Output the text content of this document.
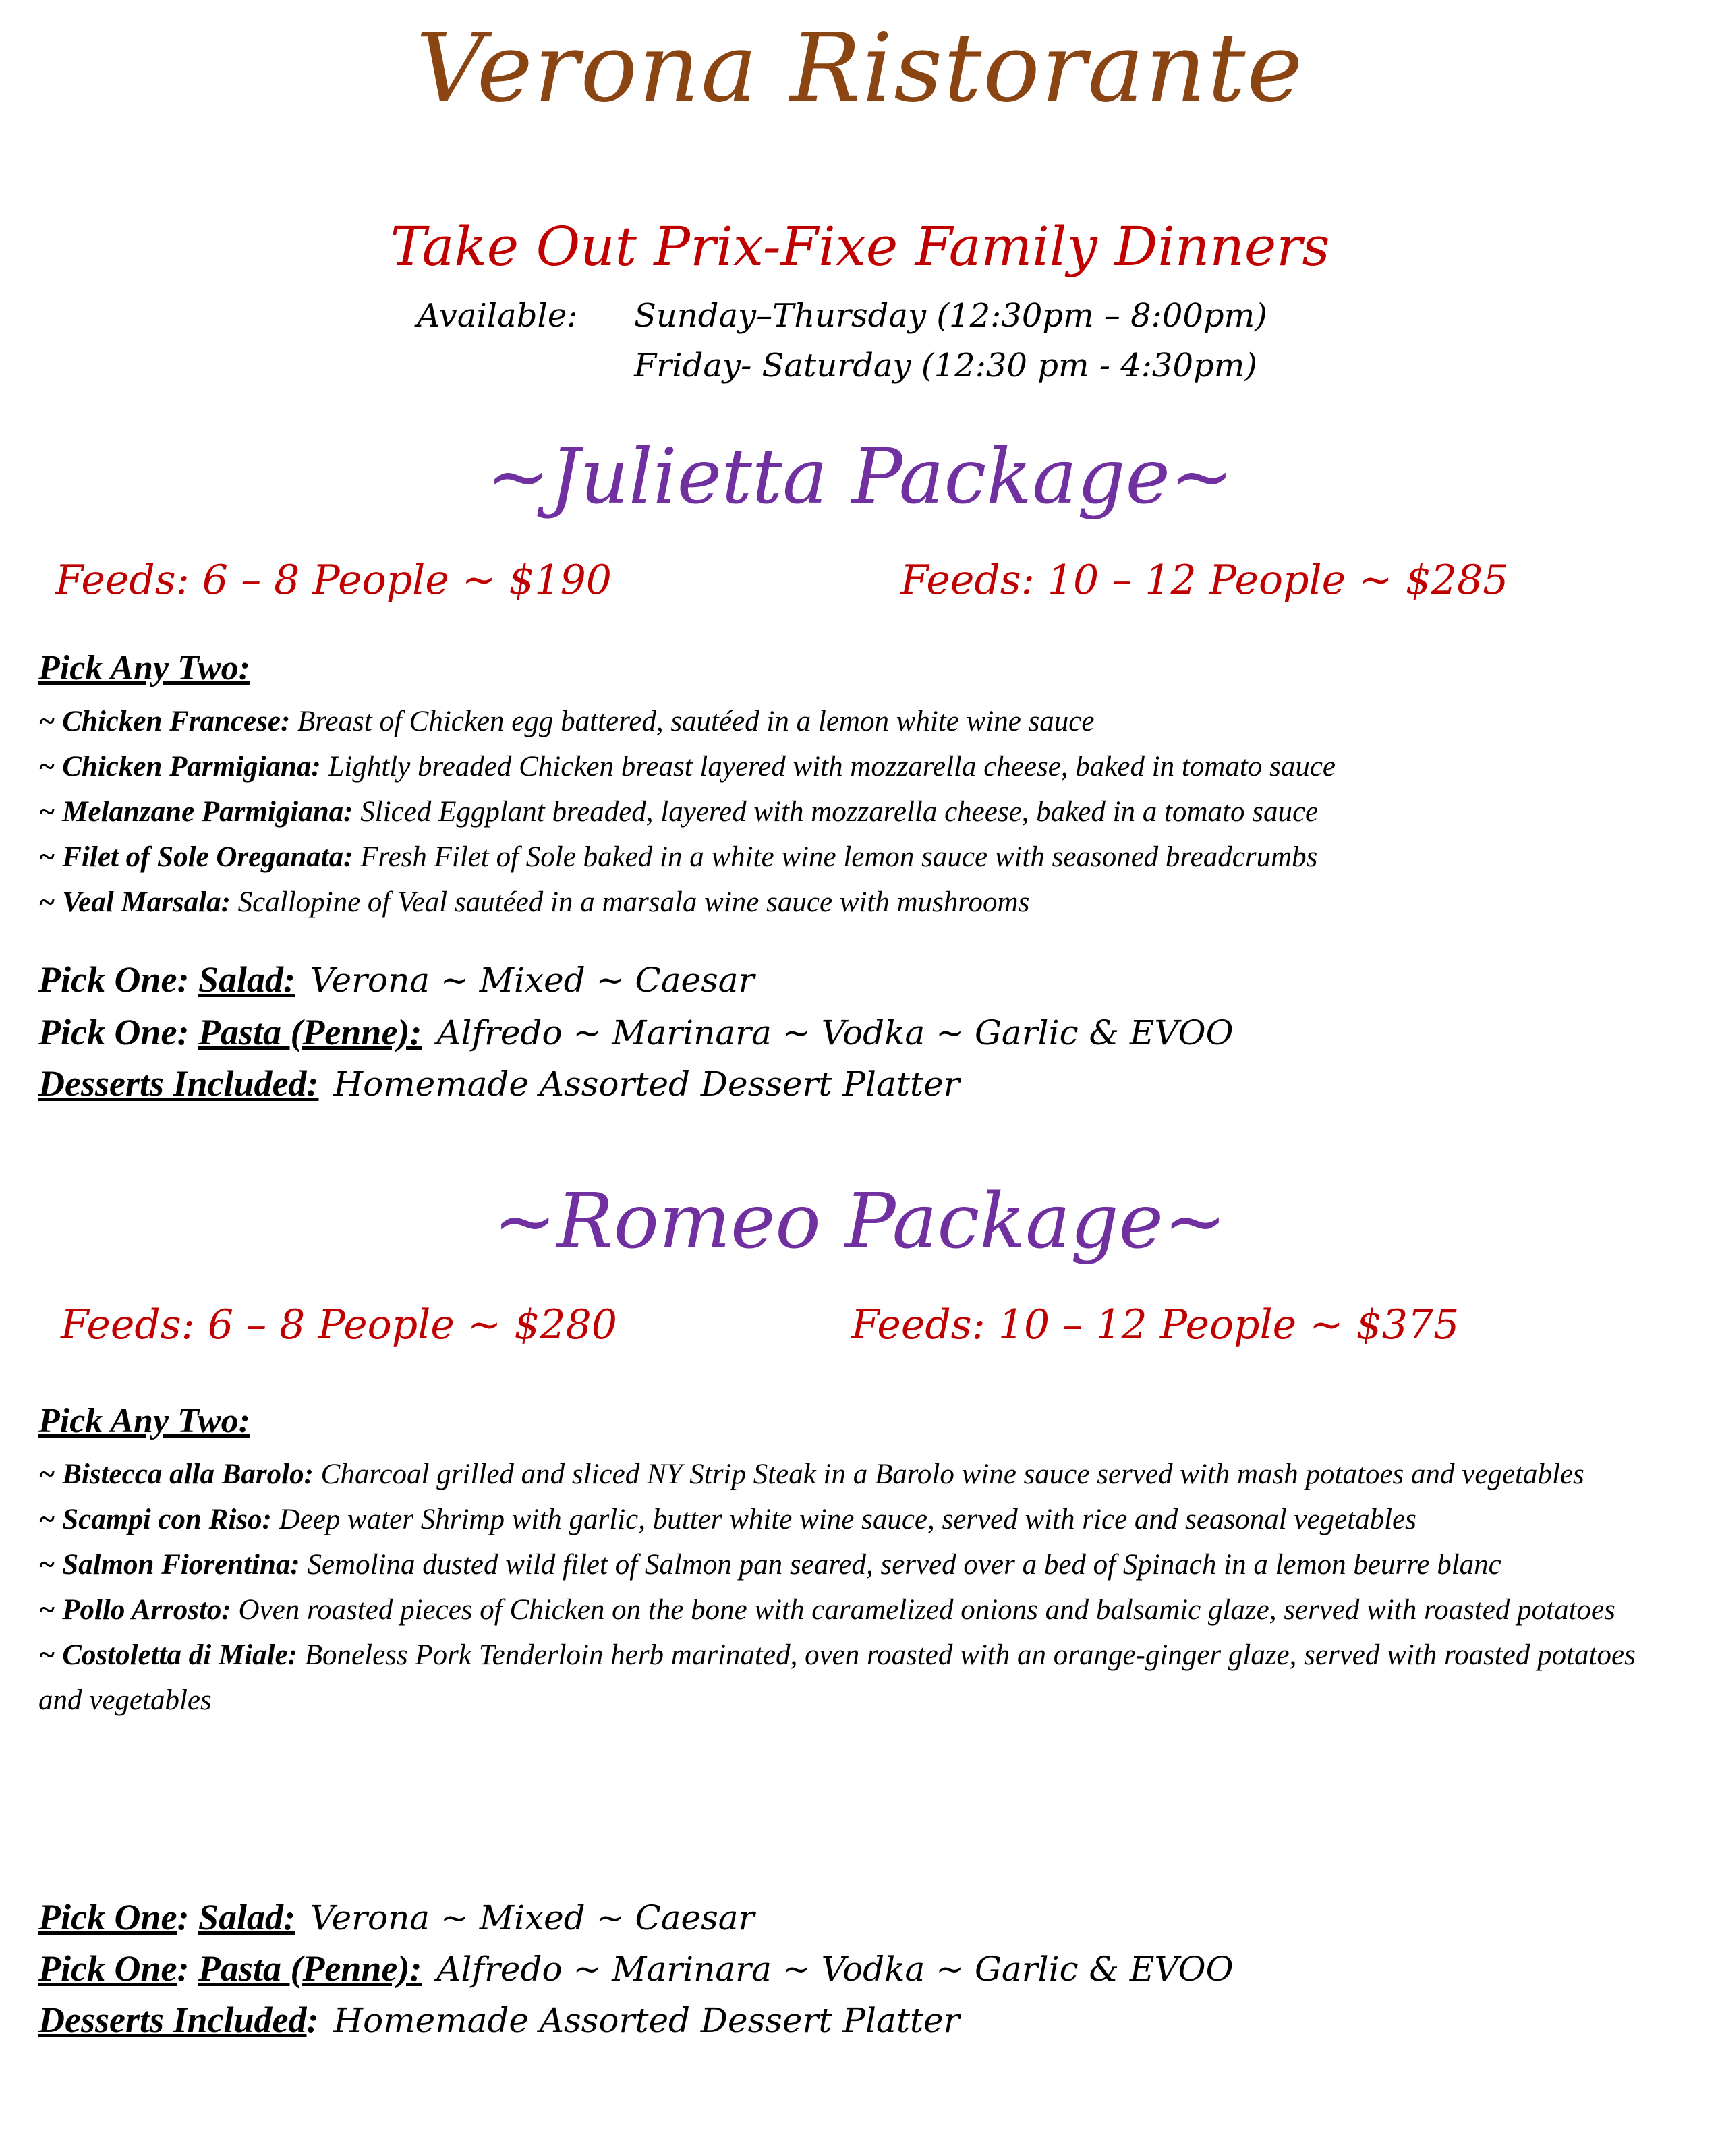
Verona Ristorante
Take Out Prix-Fixe Family Dinners
Available: Sunday–Thursday (12:30pm – 8:00pm)
Friday- Saturday (12:30 pm - 4:30pm)
~Julietta Package~
Feeds: 6 – 8 People ~ $190	Feeds: 10 – 12 People ~ $285
Pick Any Two:

~ Chicken Francese: Breast of Chicken egg battered, sautéed in a lemon white wine sauce

~ Chicken Parmigiana: Lightly breaded Chicken breast layered with mozzarella cheese, baked in tomato sauce

~ Melanzane Parmigiana: Sliced Eggplant breaded, layered with mozzarella cheese, baked in a tomato sauce

~ Filet of Sole Oreganata: Fresh Filet of Sole baked in a white wine lemon sauce with seasoned breadcrumbs

~ Veal Marsala: Scallopine of Veal sautéed in a marsala wine sauce with mushrooms

Pick One: Salad: Verona ~ Mixed ~ Caesar
Pick One: Pasta (Penne): Alfredo ~ Marinara ~ Vodka ~ Garlic & EVOO
Desserts Included: Homemade Assorted Dessert Platter
~Romeo Package~
Feeds: 6 – 8 People ~ $280	Feeds: 10 – 12 People ~ $375
Pick Any Two:

~ Bistecca alla Barolo: Charcoal grilled and sliced NY Strip Steak in a Barolo wine sauce served with mash potatoes and vegetables

~ Scampi con Riso: Deep water Shrimp with garlic, butter white wine sauce, served with rice and seasonal vegetables

~ Salmon Fiorentina: Semolina dusted wild filet of Salmon pan seared, served over a bed of Spinach in a lemon beurre blanc

~ Pollo Arrosto: Oven roasted pieces of Chicken on the bone with caramelized onions and balsamic glaze, served with roasted potatoes

~ Costoletta di Miale: Boneless Pork Tenderloin herb marinated, oven roasted with an orange-ginger glaze, served with roasted potatoes and vegetables

Pick One: Salad: Verona ~ Mixed ~ Caesar
Pick One: Pasta (Penne): Alfredo ~ Marinara ~ Vodka ~ Garlic & EVOO
Desserts Included: Homemade Assorted Dessert Platter
